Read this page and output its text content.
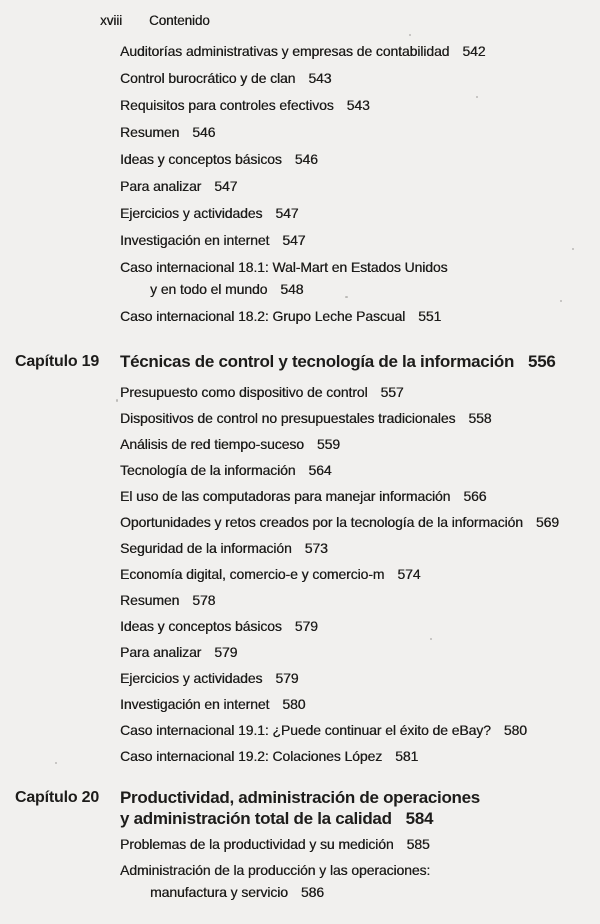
xviii Contenido
Auditorías administrativas y empresas de contabilidad 542
Control burocrático y de clan 543
Requisitos para controles efectivos 543
Resumen 546
Ideas y conceptos básicos 546
Para analizar 547
Ejercicios y actividades 547
Investigación en internet 547
Caso internacional 18.1: Wal-Mart en Estados Unidos
y en todo el mundo 548
Caso internacional 18.2: Grupo Leche Pascual 551
Capítulo 19	Técnicas de control y tecnología de la información 556
Presupuesto como dispositivo de control 557
Dispositivos de control no presupuestales tradicionales 558
Análisis de red tiempo-suceso 559
Tecnología de la información 564
El uso de las computadoras para manejar información 566
Oportunidades y retos creados por la tecnología de la información 569
Seguridad de la información 573
Economía digital, comercio-e y comercio-m 574
Resumen 578
Ideas y conceptos básicos 579
Para analizar 579
Ejercicios y actividades 579
Investigación en internet 580
Caso internacional 19.1: ¿Puede continuar el éxito de eBay? 580
Caso internacional 19.2: Colaciones López 581
Capítulo 20	Productividad, administración de operaciones
y administración total de la calidad 584
Problemas de la productividad y su medición 585
Administración de la producción y las operaciones:
manufactura y servicio 586
